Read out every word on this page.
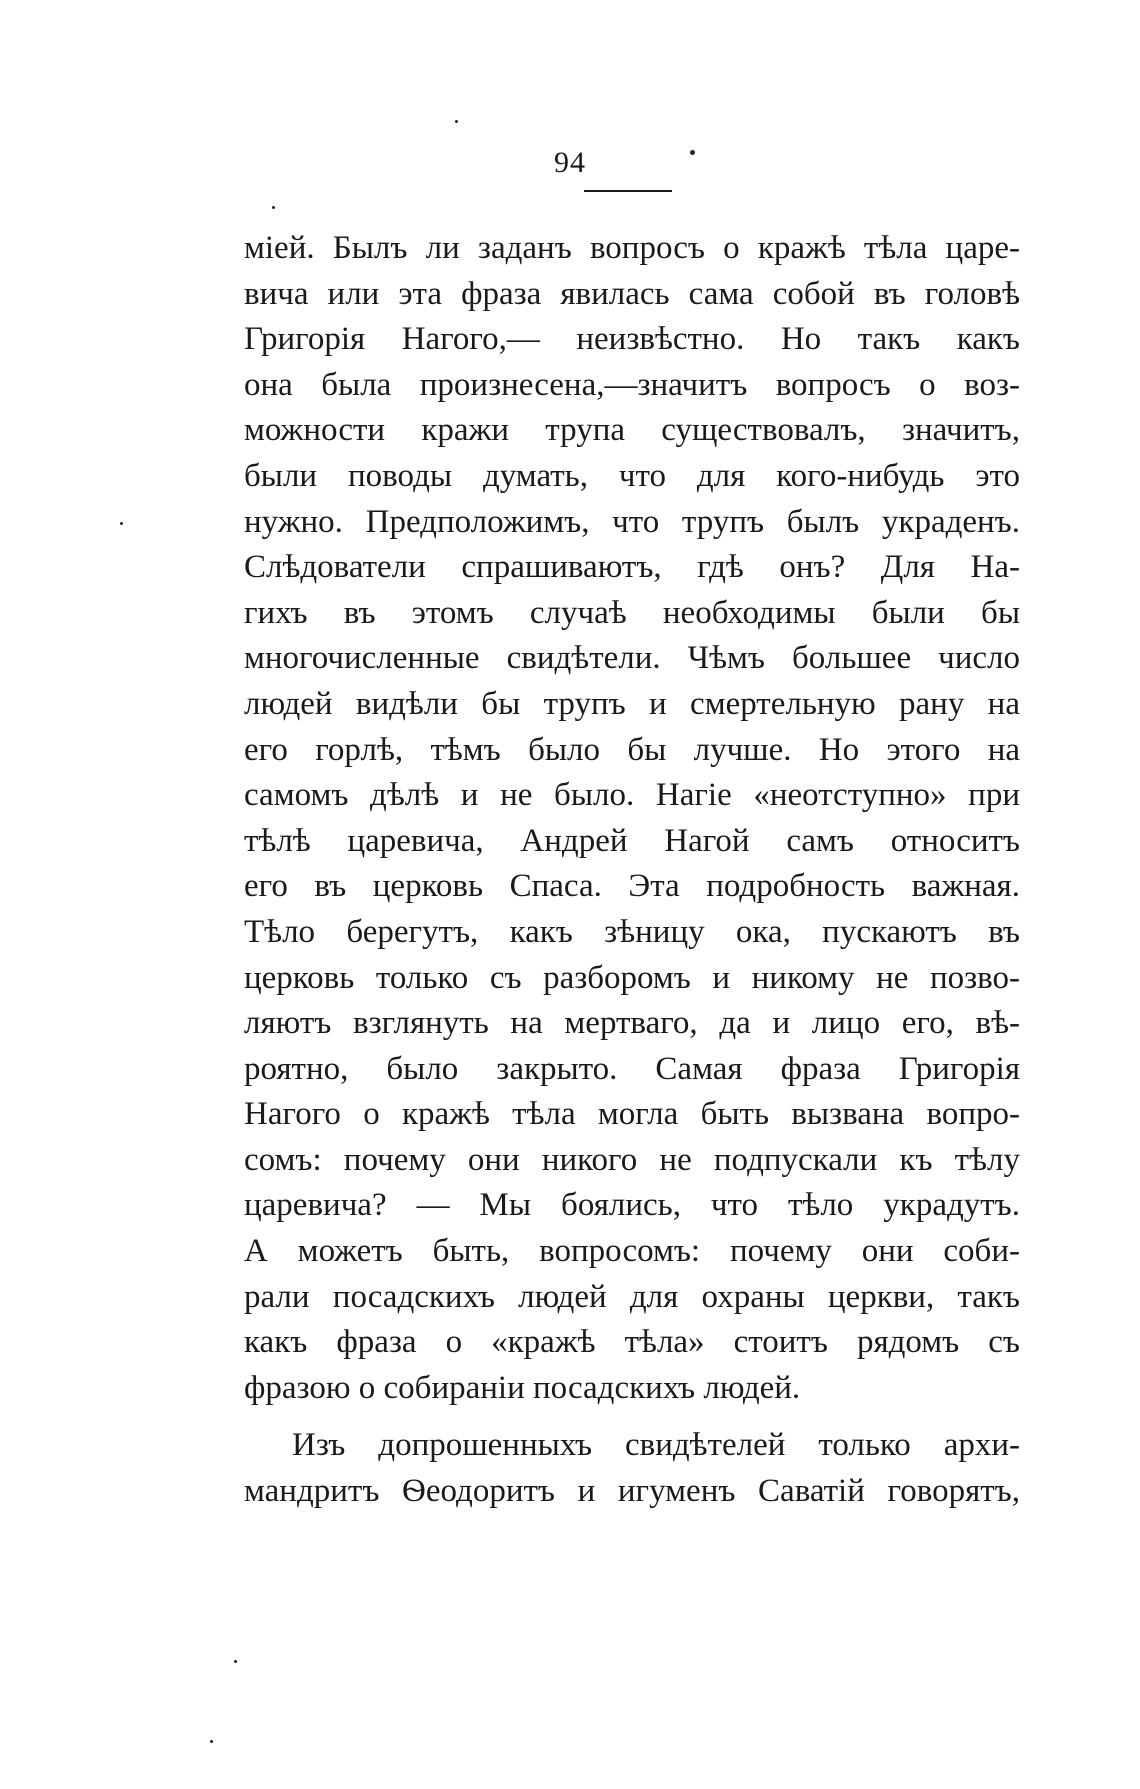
94
міей. Былъ ли заданъ вопросъ о кражѣ тѣла царе-
вича или эта фраза явилась сама собой въ головѣ
Григорія Нагого,— неизвѣстно. Но такъ какъ
она была произнесена,—значитъ вопросъ о воз-
можности кражи трупа существовалъ, значитъ,
были поводы думать, что для кого-нибудь это
нужно. Предположимъ, что трупъ былъ украденъ.
Слѣдователи спрашиваютъ, гдѣ онъ? Для На-
гихъ въ этомъ случаѣ необходимы были бы
многочисленные свидѣтели. Чѣмъ большее число
людей видѣли бы трупъ и смертельную рану на
его горлѣ, тѣмъ было бы лучше. Но этого на
самомъ дѣлѣ и не было. Нагіе «неотступно» при
тѣлѣ царевича, Андрей Нагой самъ относитъ
его въ церковь Спаса. Эта подробность важная.
Тѣло берегутъ, какъ зѣницу ока, пускаютъ въ
церковь только съ разборомъ и никому не позво-
ляютъ взглянуть на мертваго, да и лицо его, вѣ-
роятно, было закрыто. Самая фраза Григорія
Нагого о кражѣ тѣла могла быть вызвана вопро-
сомъ: почему они никого не подпускали къ тѣлу
царевича? — Мы боялись, что тѣло украдутъ.
А можетъ быть, вопросомъ: почему они соби-
рали посадскихъ людей для охраны церкви, такъ
какъ фраза о «кражѣ тѣла» стоитъ рядомъ съ
фразою о собираніи посадскихъ людей.
Изъ допрошенныхъ свидѣтелей только архи-
мандритъ Ѳеодоритъ и игуменъ Саватій говорятъ,
